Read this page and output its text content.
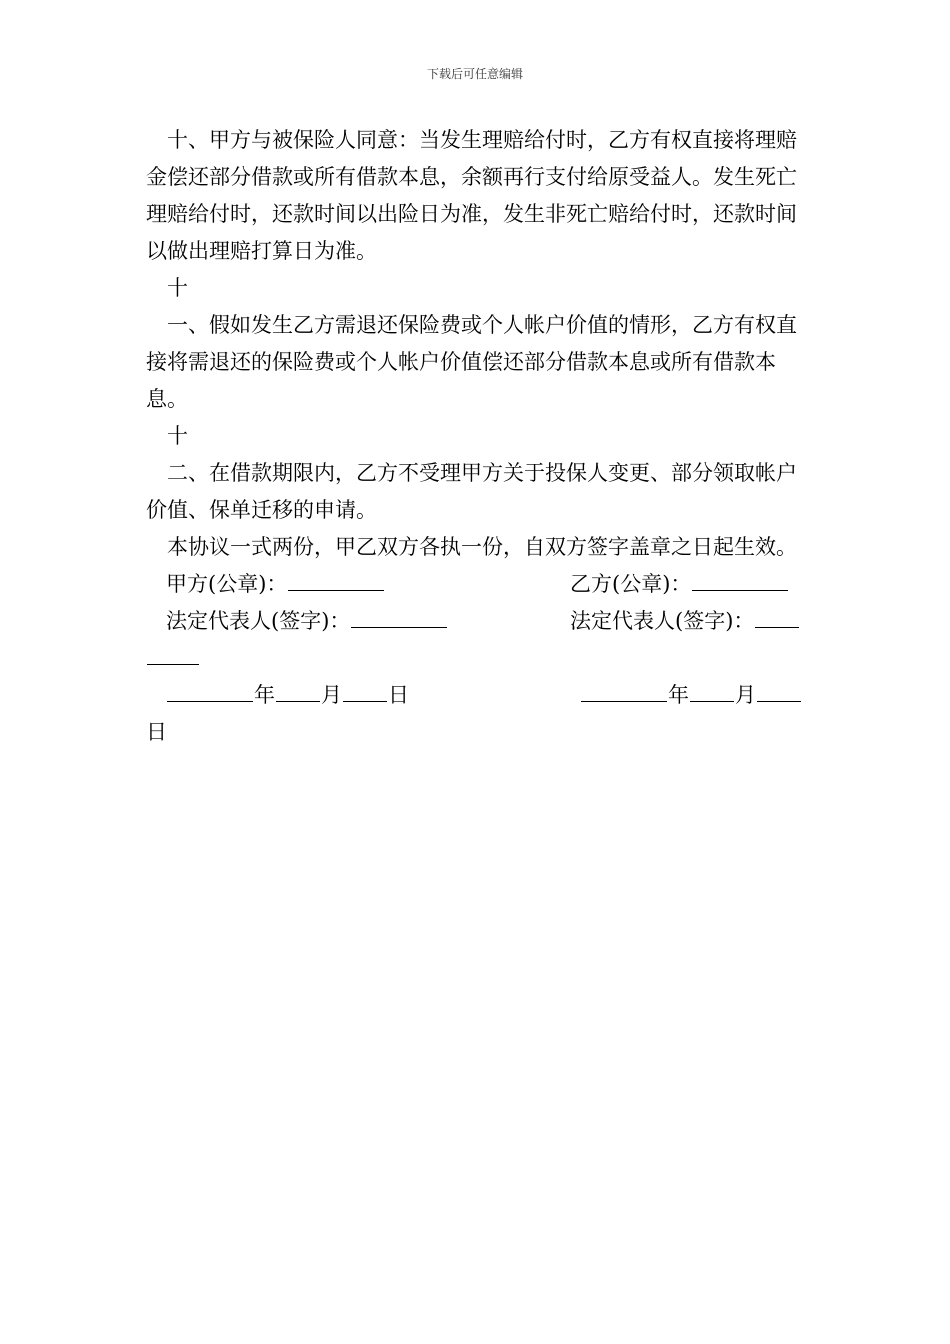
下载后可任意编辑

十、甲方与被保险人同意：当发生理赔给付时，乙方有权直接将理赔金偿还部分借款或所有借款本息，余额再行支付给原受益人。发生死亡理赔给付时，还款时间以出险日为准，发生非死亡赔给付时，还款时间以做出理赔打算日为准。

十

一、假如发生乙方需退还保险费或个人帐户价值的情形，乙方有权直接将需退还的保险费或个人帐户价值偿还部分借款本息或所有借款本息。

十

二、在借款期限内，乙方不受理甲方关于投保人变更、部分领取帐户价值、保单迁移的申请。

本协议一式两份，甲乙双方各执一份，自双方签字盖章之日起生效。

甲方(公章)：	乙方(公章)：
法定代表人(签字)：	法定代表人(签字)：
年 月 日	年 月
日
